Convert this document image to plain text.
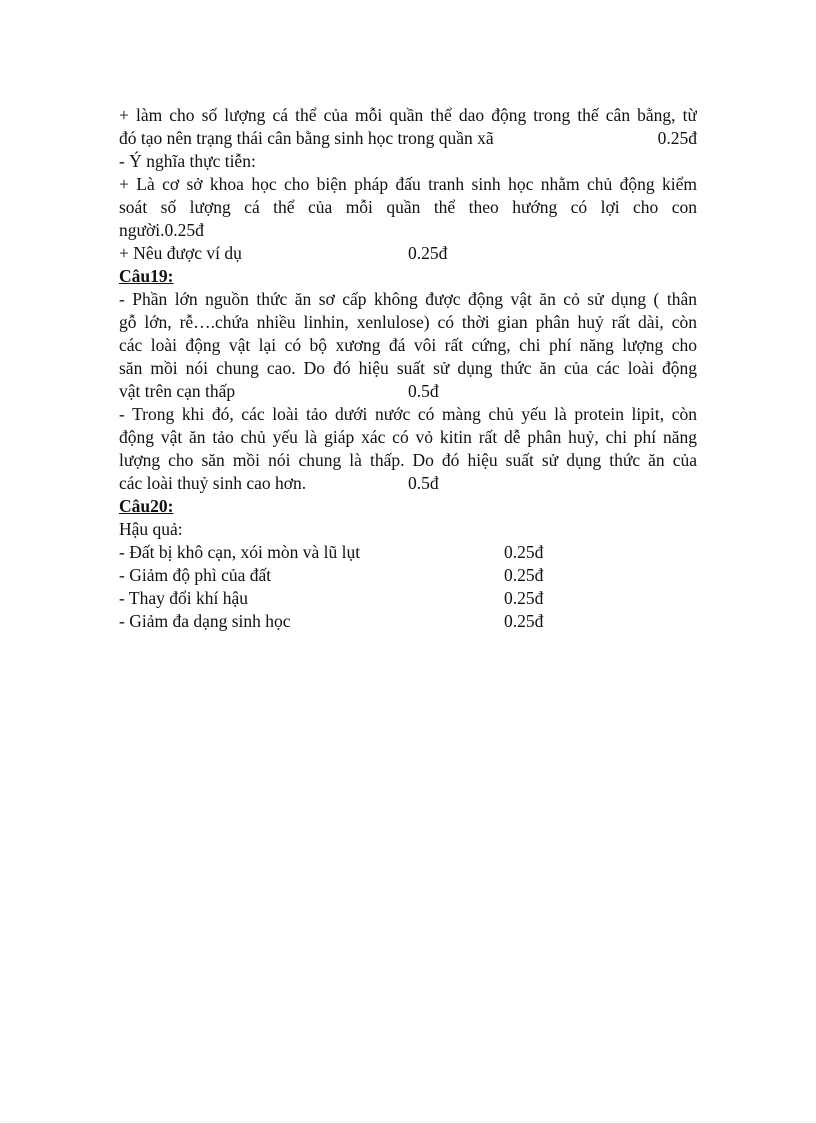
+ làm cho số lượng cá thể của mỗi quần thể dao động trong thế cân bằng, từ
đó tạo nên trạng thái cân bằng sinh học trong quần xã	0.25đ
- Ý nghĩa thực tiễn:
+ Là cơ sở khoa học cho biện pháp đấu tranh sinh học nhằm chủ động kiểm
soát số lượng cá thể của mỗi quần thể theo hướng có lợi cho con
người.0.25đ
+ Nêu được ví dụ	0.25đ
Câu19:
- Phần lớn nguồn thức ăn sơ cấp không được động vật ăn cỏ sử dụng ( thân
gỗ lớn, rễ….chứa nhiều linhin, xenlulose) có thời gian phân huỷ rất dài, còn
các loài động vật lại có bộ xương đá vôi rất cứng, chi phí năng lượng cho
săn mồi nói chung cao. Do đó hiệu suất sử dụng thức ăn của các loài động
vật trên cạn thấp	0.5đ
- Trong khi đó, các loài tảo dưới nước có màng chủ yếu là protein lipit, còn
động vật ăn tảo chủ yếu là giáp xác có vỏ kitin rất dễ phân huỷ, chi phí năng
lượng cho săn mồi nói chung là thấp. Do đó hiệu suất sử dụng thức ăn của
các loài thuỷ sinh cao hơn.	0.5đ
Câu20:
Hậu quả:
- Đất bị khô cạn, xói mòn và lũ lụt	0.25đ
- Giảm độ phì của đất	0.25đ
- Thay đổi khí hậu	0.25đ
- Giảm đa dạng sinh học	0.25đ
